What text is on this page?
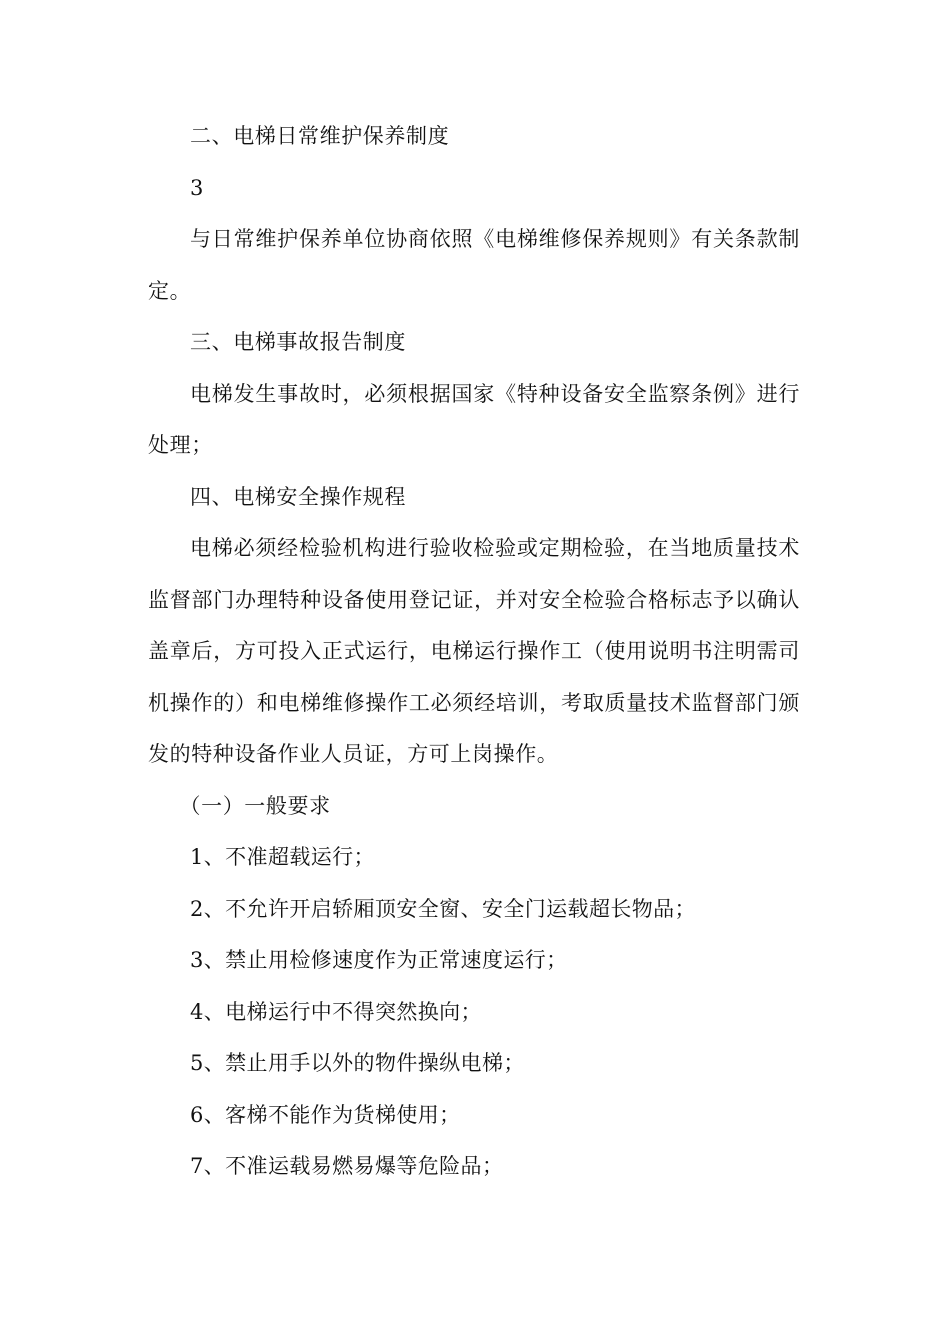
二、电梯日常维护保养制度

3

与日常维护保养单位协商依照《电梯维修保养规则》有关条款制定。

三、电梯事故报告制度

电梯发生事故时，必须根据国家《特种设备安全监察条例》进行处理；

四、电梯安全操作规程

电梯必须经检验机构进行验收检验或定期检验，在当地质量技术监督部门办理特种设备使用登记证，并对安全检验合格标志予以确认盖章后，方可投入正式运行，电梯运行操作工（使用说明书注明需司机操作的）和电梯维修操作工必须经培训，考取质量技术监督部门颁发的特种设备作业人员证，方可上岗操作。

（一）一般要求

1、不准超载运行；

2、不允许开启轿厢顶安全窗、安全门运载超长物品；

3、禁止用检修速度作为正常速度运行；

4、电梯运行中不得突然换向；

5、禁止用手以外的物件操纵电梯；

6、客梯不能作为货梯使用；

7、不准运载易燃易爆等危险品；
